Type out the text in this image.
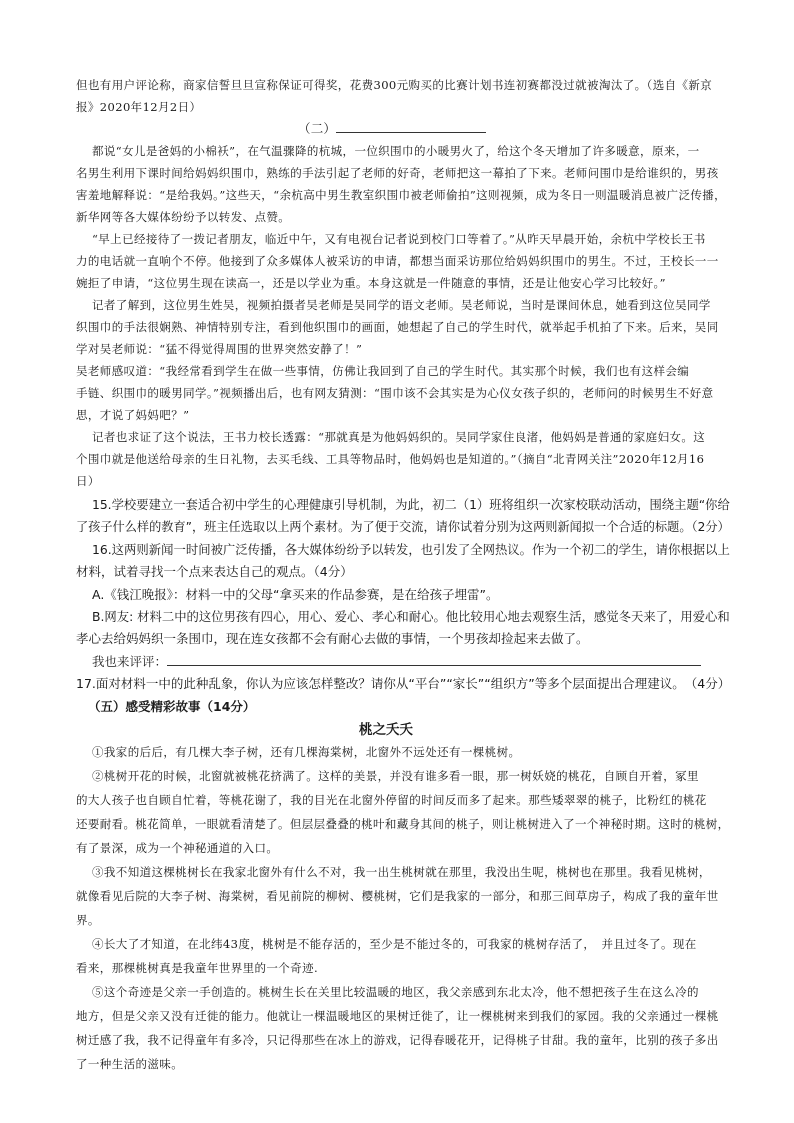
但也有用户评论称，商家信誓旦旦宣称保证可得奖，花费300元购买的比赛计划书连初赛都没过就被淘汰了。（选自《新京
报》2020年12月2日）
（二）
都说“女儿是爸妈的小棉袄”，在气温骤降的杭城，一位织围巾的小暖男火了，给这个冬天增加了许多暖意，原来，一
名男生利用下课时间给妈妈织围巾，熟练的手法引起了老师的好奇，老师把这一幕拍了下来。老师问围巾是给谁织的，男孩
害羞地解释说：“是给我妈。”这些天，“余杭高中男生教室织围巾被老师偷拍”这则视频，成为冬日一则温暖消息被广泛传播，
新华网等各大媒体纷纷予以转发、点赞。
“早上已经接待了一拨记者朋友，临近中午，又有电视台记者说到校门口等着了。”从昨天早晨开始，余杭中学校长王书
力的电话就一直响个不停。他接到了众多媒体人被采访的申请，都想当面采访那位给妈妈织围巾的男生。不过，王校长一一
婉拒了申请，“这位男生现在读高一，还是以学业为重。本身这就是一件随意的事情，还是让他安心学习比较好。”
记者了解到，这位男生姓吴，视频拍摄者吴老师是吴同学的语文老师。吴老师说，当时是课间休息，她看到这位吴同学
织围巾的手法很娴熟、神情特别专注，看到他织围巾的画面，她想起了自己的学生时代，就举起手机拍了下来。后来，吴同
学对吴老师说：“猛不得觉得周围的世界突然安静了！”
吴老师感叹道：“我经常看到学生在做一些事情，仿佛让我回到了自己的学生时代。其实那个时候，我们也有这样会编
手链、织围巾的暖男同学。”视频播出后，也有网友猜测：“围巾该不会其实是为心仪女孩子织的，老师问的时候男生不好意
思，才说了妈妈吧？”
记者也求证了这个说法，王书力校长透露：“那就真是为他妈妈织的。吴同学家住良渚，他妈妈是普通的家庭妇女。这
个围巾就是他送给母亲的生日礼物，去买毛线、工具等物品时，他妈妈也是知道的。”（摘自“北青网关注”2020年12月16
日）
15.学校要建立一套适合初中学生的心理健康引导机制，为此，初二（1）班将组织一次家校联动活动，围绕主题“你给
了孩子什么样的教育”，班主任选取以上两个素材。为了便于交流，请你试着分别为这两则新闻拟一个合适的标题。（2分）
16.这两则新闻一时间被广泛传播，各大媒体纷纷予以转发，也引发了全网热议。作为一个初二的学生，请你根据以上
材料，试着寻找一个点来表达自己的观点。（4分）
A.《钱江晚报》：材料一中的父母“拿买来的作品参赛，是在给孩子埋雷”。
B.网友: 材料二中的这位男孩有四心，用心、爱心、孝心和耐心。他比较用心地去观察生活，感觉冬天来了，用爱心和
孝心去给妈妈织一条围巾，现在连女孩都不会有耐心去做的事情，一个男孩却捡起来去做了。
我也来评评：
17.面对材料一中的此种乱象，你认为应该怎样整改？请你从“平台”“家长”“组织方”等多个层面提出合理建议。　（4分）
（五）感受精彩故事（14分）
桃之夭夭
①我家的后后，有几棵大李子树，还有几棵海棠树，北窗外不远处还有一棵桃树。
②桃树开花的时候，北窗就被桃花挤满了。这样的美景，并没有谁多看一眼，那一树妖娆的桃花，自顾自开着，冢里
的大人孩子也自顾自忙着，等桃花谢了，我的目光在北窗外停留的时间反而多了起来。那些矮翠翠的桃子，比粉红的桃花
还要耐看。桃花简单，一眼就看清楚了。但层层叠叠的桃叶和藏身其间的桃子，则让桃树进入了一个神秘时期。这时的桃树，
有了景深，成为一个神秘通道的入口。
③我不知道这棵桃树长在我家北窗外有什么不对，我一出生桃树就在那里，我没出生呢，桃树也在那里。我看见桃树，
就像看见后院的大李子树、海棠树，看见前院的柳树、樱桃树，它们是我家的一部分，和那三间草房子，构成了我的童年世
界。
④长大了才知道，在北纬43度，桃树是不能存活的，至少是不能过冬的，可我家的桃树存活了，　并且过冬了。现在
看来，那棵桃树真是我童年世界里的一个奇迹.
⑤这个奇迹是父亲一手创造的。桃树生长在关里比较温暖的地区，我父亲感到东北太冷，他不想把孩子生在这么冷的
地方，但是父亲又没有迁徙的能力。他就让一棵温暖地区的果树迁徙了，让一棵桃树来到我们的冢园。我的父亲通过一棵桃
树迁感了我，我不记得童年有多冷，只记得那些在冰上的游戏，记得春暖花开，记得桃子甘甜。我的童年，比别的孩子多出
了一种生活的滋味。
